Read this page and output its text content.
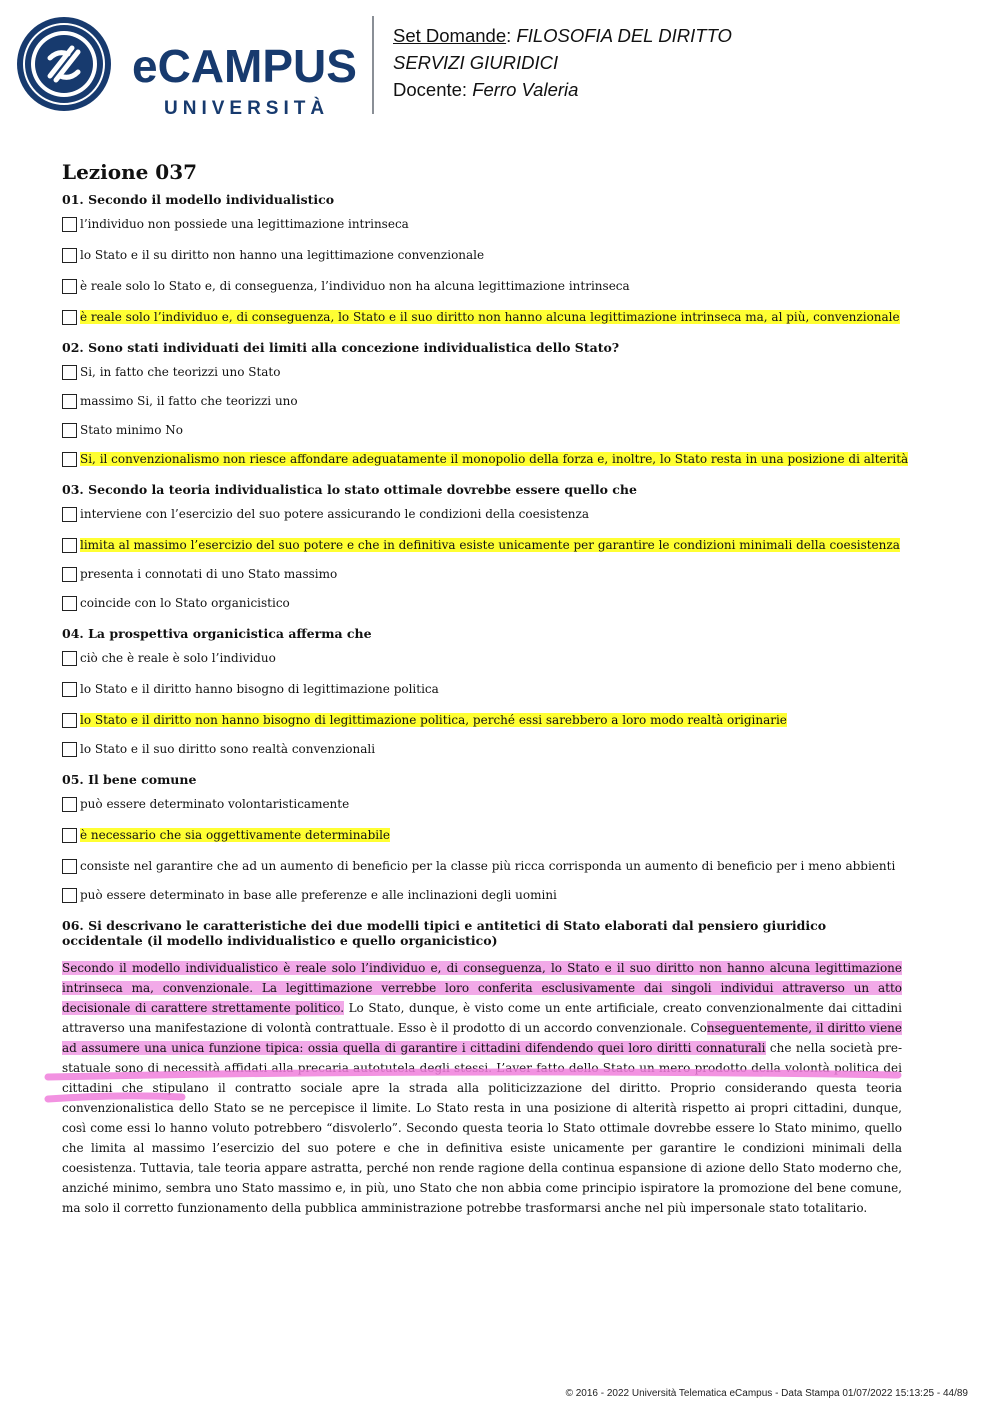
eCAMPUS
UNIVERSITÀ
Set Domande: FILOSOFIA DEL DIRITTO
SERVIZI GIURIDICI
Docente: Ferro Valeria
Lezione 037
01. Secondo il modello individualistico
l’individuo non possiede una legittimazione intrinseca
lo Stato e il su diritto non hanno una legittimazione convenzionale
è reale solo lo Stato e, di conseguenza, l’individuo non ha alcuna legittimazione intrinseca
è reale solo l’individuo e, di conseguenza, lo Stato e il suo diritto non hanno alcuna legittimazione intrinseca ma, al più, convenzionale
02. Sono stati individuati dei limiti alla concezione individualistica dello Stato?
Si, in fatto che teorizzi uno Stato
massimo Si, il fatto che teorizzi uno
Stato minimo No
Si, il convenzionalismo non riesce affondare adeguatamente il monopolio della forza e, inoltre, lo Stato resta in una posizione di alterità
03. Secondo la teoria individualistica lo stato ottimale dovrebbe essere quello che
interviene con l’esercizio del suo potere assicurando le condizioni della coesistenza
limita al massimo l’esercizio del suo potere e che in definitiva esiste unicamente per garantire le condizioni minimali della coesistenza
presenta i connotati di uno Stato massimo
coincide con lo Stato organicistico
04. La prospettiva organicistica afferma che
ciò che è reale è solo l’individuo
lo Stato e il diritto hanno bisogno di legittimazione politica
lo Stato e il diritto non hanno bisogno di legittimazione politica, perché essi sarebbero a loro modo realtà originarie
lo Stato e il suo diritto sono realtà convenzionali
05. Il bene comune
può essere determinato volontaristicamente
è necessario che sia oggettivamente determinabile
consiste nel garantire che ad un aumento di beneficio per la classe più ricca corrisponda un aumento di beneficio per i meno abbienti
può essere determinato in base alle preferenze e alle inclinazioni degli uomini
06. Si descrivano le caratteristiche dei due modelli tipici e antitetici di Stato elaborati dal pensiero giuridico occidentale (il modello individualistico e quello organicistico)
Secondo il modello individualistico è reale solo l’individuo e, di conseguenza, lo Stato e il suo diritto non hanno alcuna legittimazione intrinseca ma, convenzionale. La legittimazione verrebbe loro conferita esclusivamente dai singoli individui attraverso un atto decisionale di carattere strettamente politico. Lo Stato, dunque, è visto come un ente artificiale, creato convenzionalmente dai cittadini attraverso una manifestazione di volontà contrattuale. Esso è il prodotto di un accordo convenzionale. Conseguentemente, il diritto viene ad assumere una unica funzione tipica: ossia quella di garantire i cittadini difendendo quei loro diritti connaturali che nella società pre-statuale sono di necessità affidati alla precaria autotutela degli stessi. L’aver fatto dello Stato un mero prodotto della volontà politica dei cittadini che stipulano il contratto sociale apre la strada alla politicizzazione del diritto. Proprio considerando questa teoria convenzionalistica dello Stato se ne percepisce il limite. Lo Stato resta in una posizione di alterità rispetto ai propri cittadini, dunque, così come essi lo hanno voluto potrebbero “disvolerlo”. Secondo questa teoria lo Stato ottimale dovrebbe essere lo Stato minimo, quello che limita al massimo l’esercizio del suo potere e che in definitiva esiste unicamente per garantire le condizioni minimali della coesistenza. Tuttavia, tale teoria appare astratta, perché non rende ragione della continua espansione di azione dello Stato moderno che, anziché minimo, sembra uno Stato massimo e, in più, uno Stato che non abbia come principio ispiratore la promozione del bene comune, ma solo il corretto funzionamento della pubblica amministrazione potrebbe trasformarsi anche nel più impersonale stato totalitario.
© 2016 - 2022 Università Telematica eCampus - Data Stampa 01/07/2022 15:13:25 - 44/89
